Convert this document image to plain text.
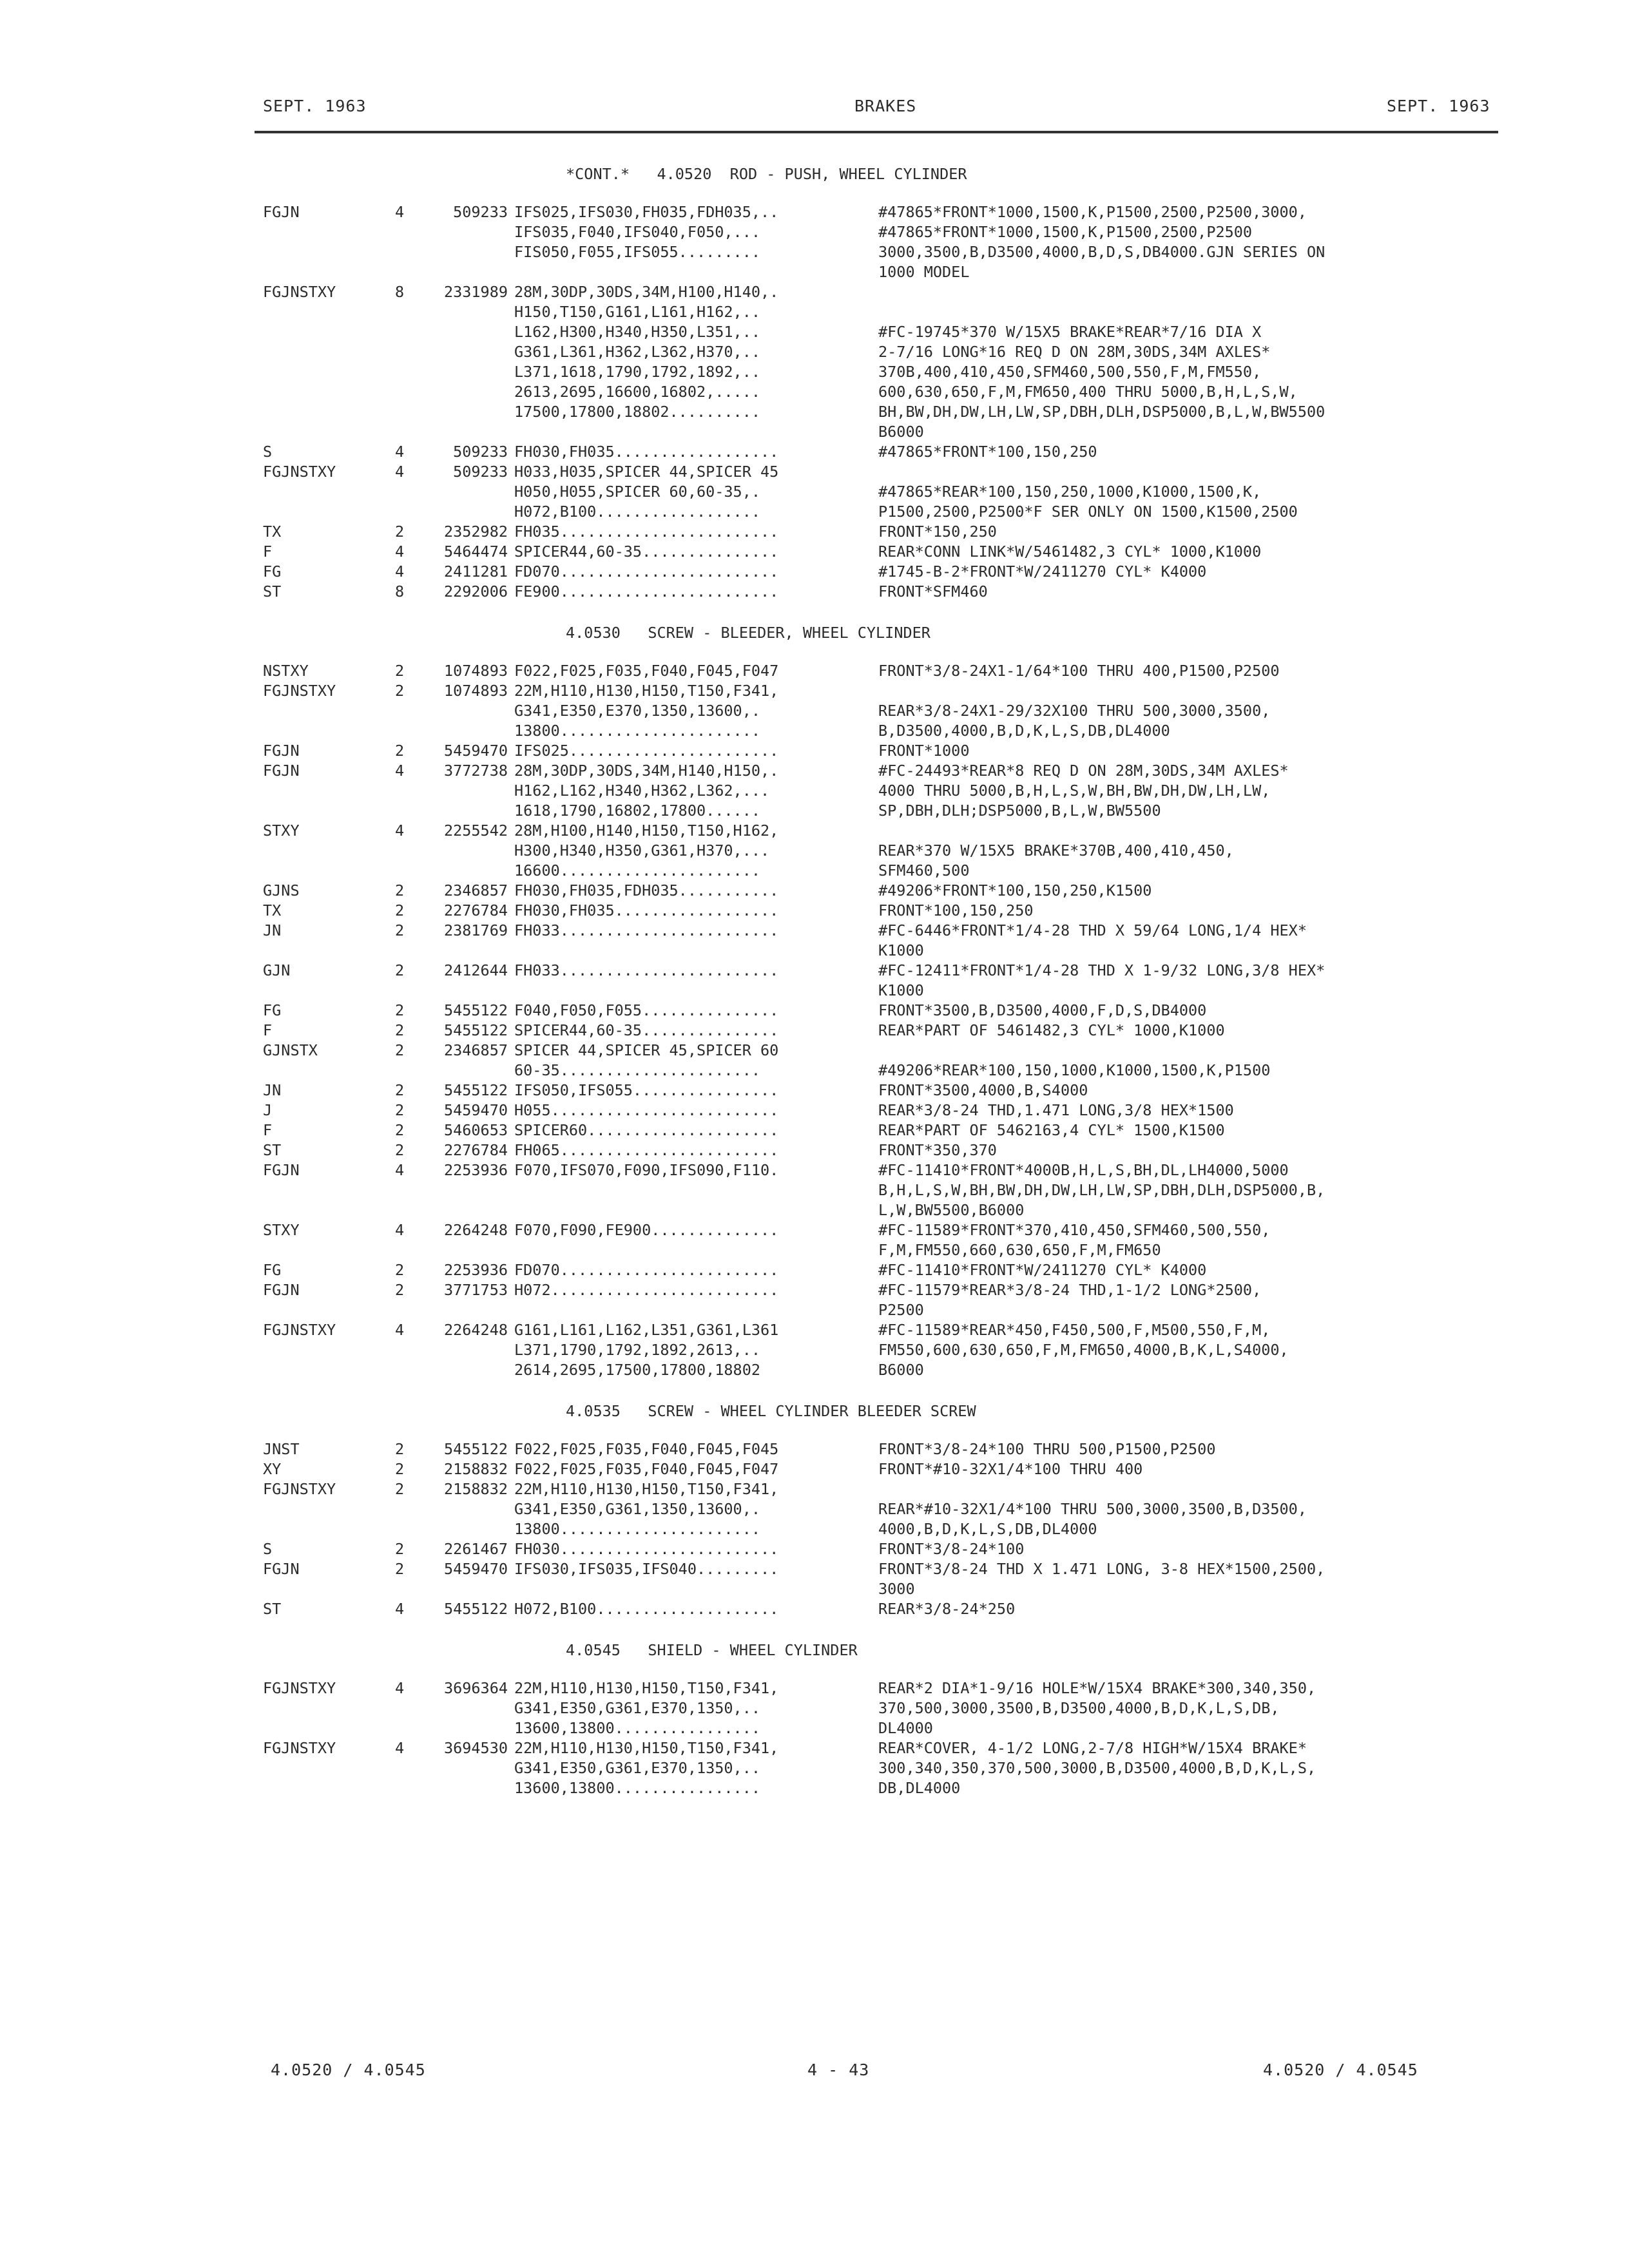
SEPT. 1963	BRAKES	SEPT. 1963
*CONT.*   4.0520  ROD - PUSH, WHEEL CYLINDER
FGJN	4	509233 IFS025,IFS030,FH035,FDH035,..	#47865*FRONT*1000,1500,K,P1500,2500,P2500,3000,
IFS035,F040,IFS040,F050,...	#47865*FRONT*1000,1500,K,P1500,2500,P2500
FIS050,F055,IFS055.........	3000,3500,B,D3500,4000,B,D,S,DB4000.GJN SERIES ON
1000 MODEL
FGJNSTXY	8	2331989 28M,30DP,30DS,34M,H100,H140,.
H150,T150,G161,L161,H162,..
L162,H300,H340,H350,L351,..	#FC-19745*370 W/15X5 BRAKE*REAR*7/16 DIA X
G361,L361,H362,L362,H370,..	2-7/16 LONG*16 REQ D ON 28M,30DS,34M AXLES*
L371,1618,1790,1792,1892,..	370B,400,410,450,SFM460,500,550,F,M,FM550,
2613,2695,16600,16802,.....	600,630,650,F,M,FM650,400 THRU 5000,B,H,L,S,W,
17500,17800,18802..........	BH,BW,DH,DW,LH,LW,SP,DBH,DLH,DSP5000,B,L,W,BW5500
B6000
S	4	509233 FH030,FH035..................	#47865*FRONT*100,150,250
FGJNSTXY	4	509233 H033,H035,SPICER 44,SPICER 45
H050,H055,SPICER 60,60-35,.	#47865*REAR*100,150,250,1000,K1000,1500,K,
H072,B100..................	P1500,2500,P2500*F SER ONLY ON 1500,K1500,2500
TX	2	2352982 FH035........................	FRONT*150,250
F	4	5464474 SPICER44,60-35...............	REAR*CONN LINK*W/5461482,3 CYL* 1000,K1000
FG	4	2411281 FD070........................	#1745-B-2*FRONT*W/2411270 CYL* K4000
ST	8	2292006 FE900........................	FRONT*SFM460
4.0530   SCREW - BLEEDER, WHEEL CYLINDER
NSTXY	2	1074893 F022,F025,F035,F040,F045,F047	FRONT*3/8-24X1-1/64*100 THRU 400,P1500,P2500
FGJNSTXY	2	1074893 22M,H110,H130,H150,T150,F341,
G341,E350,E370,1350,13600,.	REAR*3/8-24X1-29/32X100 THRU 500,3000,3500,
13800......................	B,D3500,4000,B,D,K,L,S,DB,DL4000
FGJN	2	5459470 IFS025.......................	FRONT*1000
FGJN	4	3772738 28M,30DP,30DS,34M,H140,H150,.	#FC-24493*REAR*8 REQ D ON 28M,30DS,34M AXLES*
H162,L162,H340,H362,L362,...	4000 THRU 5000,B,H,L,S,W,BH,BW,DH,DW,LH,LW,
1618,1790,16802,17800......	SP,DBH,DLH;DSP5000,B,L,W,BW5500
STXY	4	2255542 28M,H100,H140,H150,T150,H162,
H300,H340,H350,G361,H370,...	REAR*370 W/15X5 BRAKE*370B,400,410,450,
16600......................	SFM460,500
GJNS	2	2346857 FH030,FH035,FDH035...........	#49206*FRONT*100,150,250,K1500
TX	2	2276784 FH030,FH035..................	FRONT*100,150,250
JN	2	2381769 FH033........................	#FC-6446*FRONT*1/4-28 THD X 59/64 LONG,1/4 HEX*
K1000
GJN	2	2412644 FH033........................	#FC-12411*FRONT*1/4-28 THD X 1-9/32 LONG,3/8 HEX*
K1000
FG	2	5455122 F040,F050,F055...............	FRONT*3500,B,D3500,4000,F,D,S,DB4000
F	2	5455122 SPICER44,60-35...............	REAR*PART OF 5461482,3 CYL* 1000,K1000
GJNSTX	2	2346857 SPICER 44,SPICER 45,SPICER 60
60-35......................	#49206*REAR*100,150,1000,K1000,1500,K,P1500
JN	2	5455122 IFS050,IFS055................	FRONT*3500,4000,B,S4000
J	2	5459470 H055.........................	REAR*3/8-24 THD,1.471 LONG,3/8 HEX*1500
F	2	5460653 SPICER60.....................	REAR*PART OF 5462163,4 CYL* 1500,K1500
ST	2	2276784 FH065........................	FRONT*350,370
FGJN	4	2253936 F070,IFS070,F090,IFS090,F110.	#FC-11410*FRONT*4000B,H,L,S,BH,DL,LH4000,5000
B,H,L,S,W,BH,BW,DH,DW,LH,LW,SP,DBH,DLH,DSP5000,B,
L,W,BW5500,B6000
STXY	4	2264248 F070,F090,FE900..............	#FC-11589*FRONT*370,410,450,SFM460,500,550,
F,M,FM550,660,630,650,F,M,FM650
FG	2	2253936 FD070........................	#FC-11410*FRONT*W/2411270 CYL* K4000
FGJN	2	3771753 H072.........................	#FC-11579*REAR*3/8-24 THD,1-1/2 LONG*2500,
P2500
FGJNSTXY	4	2264248 G161,L161,L162,L351,G361,L361	#FC-11589*REAR*450,F450,500,F,M500,550,F,M,
L371,1790,1792,1892,2613,..	FM550,600,630,650,F,M,FM650,4000,B,K,L,S4000,
2614,2695,17500,17800,18802	B6000
4.0535   SCREW - WHEEL CYLINDER BLEEDER SCREW
JNST	2	5455122 F022,F025,F035,F040,F045,F045	FRONT*3/8-24*100 THRU 500,P1500,P2500
XY	2	2158832 F022,F025,F035,F040,F045,F047	FRONT*#10-32X1/4*100 THRU 400
FGJNSTXY	2	2158832 22M,H110,H130,H150,T150,F341,
G341,E350,G361,1350,13600,.	REAR*#10-32X1/4*100 THRU 500,3000,3500,B,D3500,
13800......................	4000,B,D,K,L,S,DB,DL4000
S	2	2261467 FH030........................	FRONT*3/8-24*100
FGJN	2	5459470 IFS030,IFS035,IFS040.........	FRONT*3/8-24 THD X 1.471 LONG, 3-8 HEX*1500,2500,
3000
ST	4	5455122 H072,B100....................	REAR*3/8-24*250
4.0545   SHIELD - WHEEL CYLINDER
FGJNSTXY	4	3696364 22M,H110,H130,H150,T150,F341,	REAR*2 DIA*1-9/16 HOLE*W/15X4 BRAKE*300,340,350,
G341,E350,G361,E370,1350,..	370,500,3000,3500,B,D3500,4000,B,D,K,L,S,DB,
13600,13800................	DL4000
FGJNSTXY	4	3694530 22M,H110,H130,H150,T150,F341,	REAR*COVER, 4-1/2 LONG,2-7/8 HIGH*W/15X4 BRAKE*
G341,E350,G361,E370,1350,..	300,340,350,370,500,3000,B,D3500,4000,B,D,K,L,S,
13600,13800................	DB,DL4000
4.0520 / 4.0545	4 - 43	4.0520 / 4.0545
